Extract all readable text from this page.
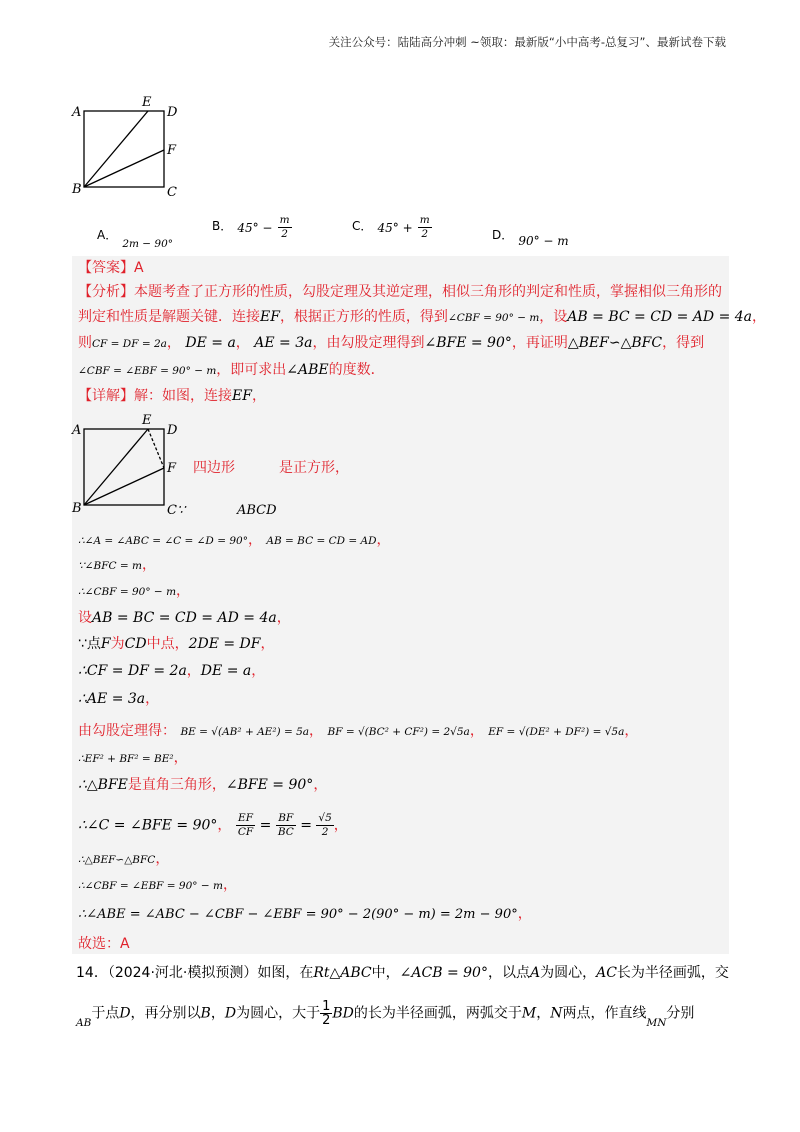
关注公众号：陆陆高分冲刺 ~领取：最新版“小中高考-总复习”、最新试卷下载
A
E
D
F
B	C
A． $_{2m - 90^\circ}$
B． $45^\circ - \frac{m}{2}$	C． $45^\circ + \frac{m}{2}$	D． $_{90^\circ - m}$
【答案】A
【分析】本题考查了正方形的性质，勾股定理及其逆定理，相似三角形的判定和性质，掌握相似三角形的
判定和性质是解题关键．连接EF，根据正方形的性质，得到∠CBF = 90° − m，设AB = BC = CD = AD = 4a，
则CF = DF = 2a， DE = a， AE = 3a，由勾股定理得到∠BFE = 90°，再证明△BEF∽△BFC，得到
∠CBF = ∠EBF = 90° − m，即可求出∠ABE的度数．
【详解】解：如图，连接EF，
A
E
D
F
B	C∵
四边形	是正方形，
ABCD
∴∠A = ∠ABC = ∠C = ∠D = 90°， AB = BC = CD = AD，
∵∠BFC = m，
∴∠CBF = 90° − m，
设AB = BC = CD = AD = 4a，
∵点F为CD中点，2DE = DF，
∴CF = DF = 2a，DE = a，
∴AE = 3a，
由勾股定理得： BE = √(AB² + AE²) = 5a， BF = √(BC² + CF²) = 2√5a， EF = √(DE² + DF²) = √5a，
∴EF² + BF² = BE²，
∴△BFE是直角三角形，∠BFE = 90°，
∴∠C = ∠BFE = 90°， $\frac{EF}{CF} = \frac{BF}{BC} = \frac{√5}{2}$ ，
∴△BEF∽△BFC，
∴∠CBF = ∠EBF = 90° − m，
∴∠ABE = ∠ABC − ∠CBF − ∠EBF = 90° − 2(90° − m) = 2m − 90°，
故选：A
14．（2024·河北·模拟预测）如图，在Rt△ABC中，∠ACB = 90°，以点A为圆心，AC长为半径画弧，交
$_{AB}$于点D，再分别以B，D为圆心，大于 $\frac{1}{2}$ BD的长为半径画弧，两弧交于M，N两点，作直线$_{MN}$分别
